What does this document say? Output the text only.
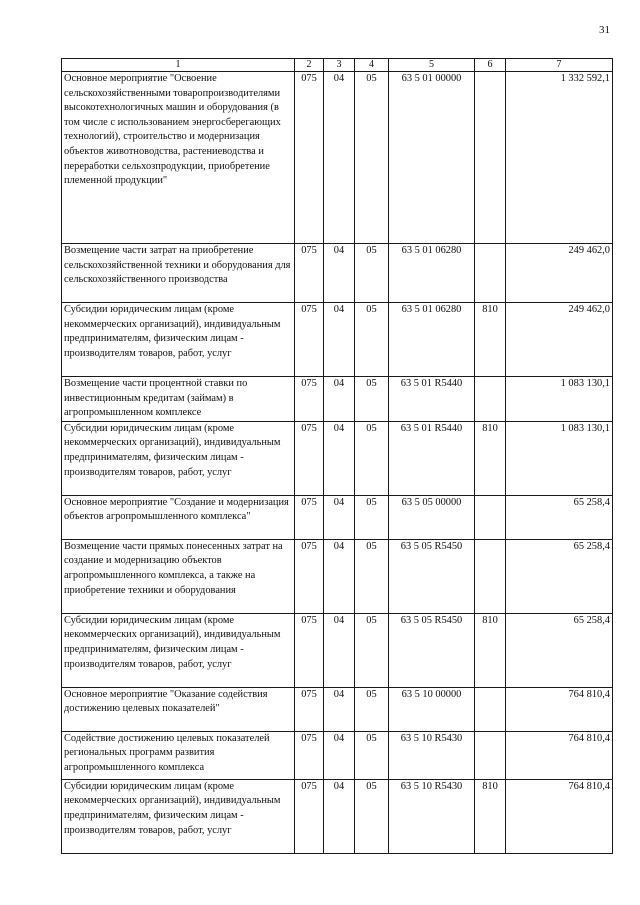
31
1	2	3	4	5	6	7
Основное мероприятие "Освоение сельскохозяйственными товаропроизводителями высокотехнологичных машин и оборудования (в том числе с использованием энергосберегающих технологий), строительство и модернизация объектов животноводства, растениеводства и переработки сельхозпродукции, приобретение племенной продукции"	075	04	05	63 5 01 00000		1 332 592,1
Возмещение части затрат на приобретение сельскохозяйственной техники и оборудования для сельскохозяйственного производства	075	04	05	63 5 01 06280		249 462,0
Субсидии юридическим лицам (кроме некоммерческих организаций), индивидуальным предпринимателям, физическим лицам - производителям товаров, работ, услуг	075	04	05	63 5 01 06280	810	249 462,0
Возмещение части процентной ставки по инвестиционным кредитам (займам) в агропромышленном комплексе	075	04	05	63 5 01 R5440		1 083 130,1
Субсидии юридическим лицам (кроме некоммерческих организаций), индивидуальным предпринимателям, физическим лицам - производителям товаров, работ, услуг	075	04	05	63 5 01 R5440	810	1 083 130,1
Основное мероприятие "Создание и модернизация объектов агропромышленного комплекса"	075	04	05	63 5 05 00000		65 258,4
Возмещение части прямых понесенных затрат на создание и модернизацию объектов агропромышленного комплекса, а также на приобретение техники и оборудования	075	04	05	63 5 05 R5450		65 258,4
Субсидии юридическим лицам (кроме некоммерческих организаций), индивидуальным предпринимателям, физическим лицам - производителям товаров, работ, услуг	075	04	05	63 5 05 R5450	810	65 258,4
Основное мероприятие "Оказание содействия достижению целевых показателей"	075	04	05	63 5 10 00000		764 810,4
Содействие достижению целевых показателей региональных программ развития агропромышленного комплекса	075	04	05	63 5 10 R5430		764 810,4
Субсидии юридическим лицам (кроме некоммерческих организаций), индивидуальным предпринимателям, физическим лицам - производителям товаров, работ, услуг	075	04	05	63 5 10 R5430	810	764 810,4
